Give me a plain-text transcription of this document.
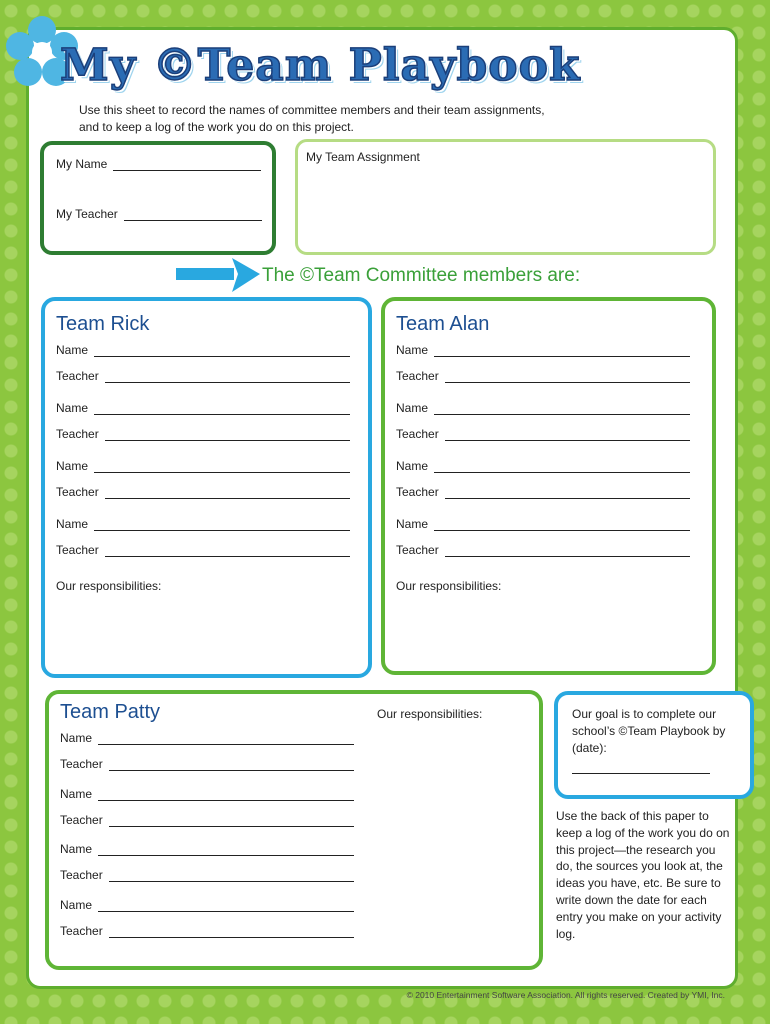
My ©Team Playbook
Use this sheet to record the names of committee members and their team assignments, and to keep a log of the work you do on this project.
My Name
My Teacher
My Team Assignment
The ©Team Committee members are:
Team Rick
Our responsibilities:
Name
Teacher
Name
Teacher
Name
Teacher
Name
Teacher
Team Alan
Our responsibilities:
Name
Teacher
Name
Teacher
Name
Teacher
Name
Teacher
Team Patty	Our responsibilities:
Name
Teacher
Name
Teacher
Name
Teacher
Name
Teacher
Our goal is to complete our school’s ©Team Playbook by (date):
Use the back of this paper to keep a log of the work you do on this project—the research you do, the sources you look at, the ideas you have, etc. Be sure to write down the date for each entry you make on your activity log.
© 2010 Entertainment Software Association. All rights reserved. Created by YMI, Inc.
